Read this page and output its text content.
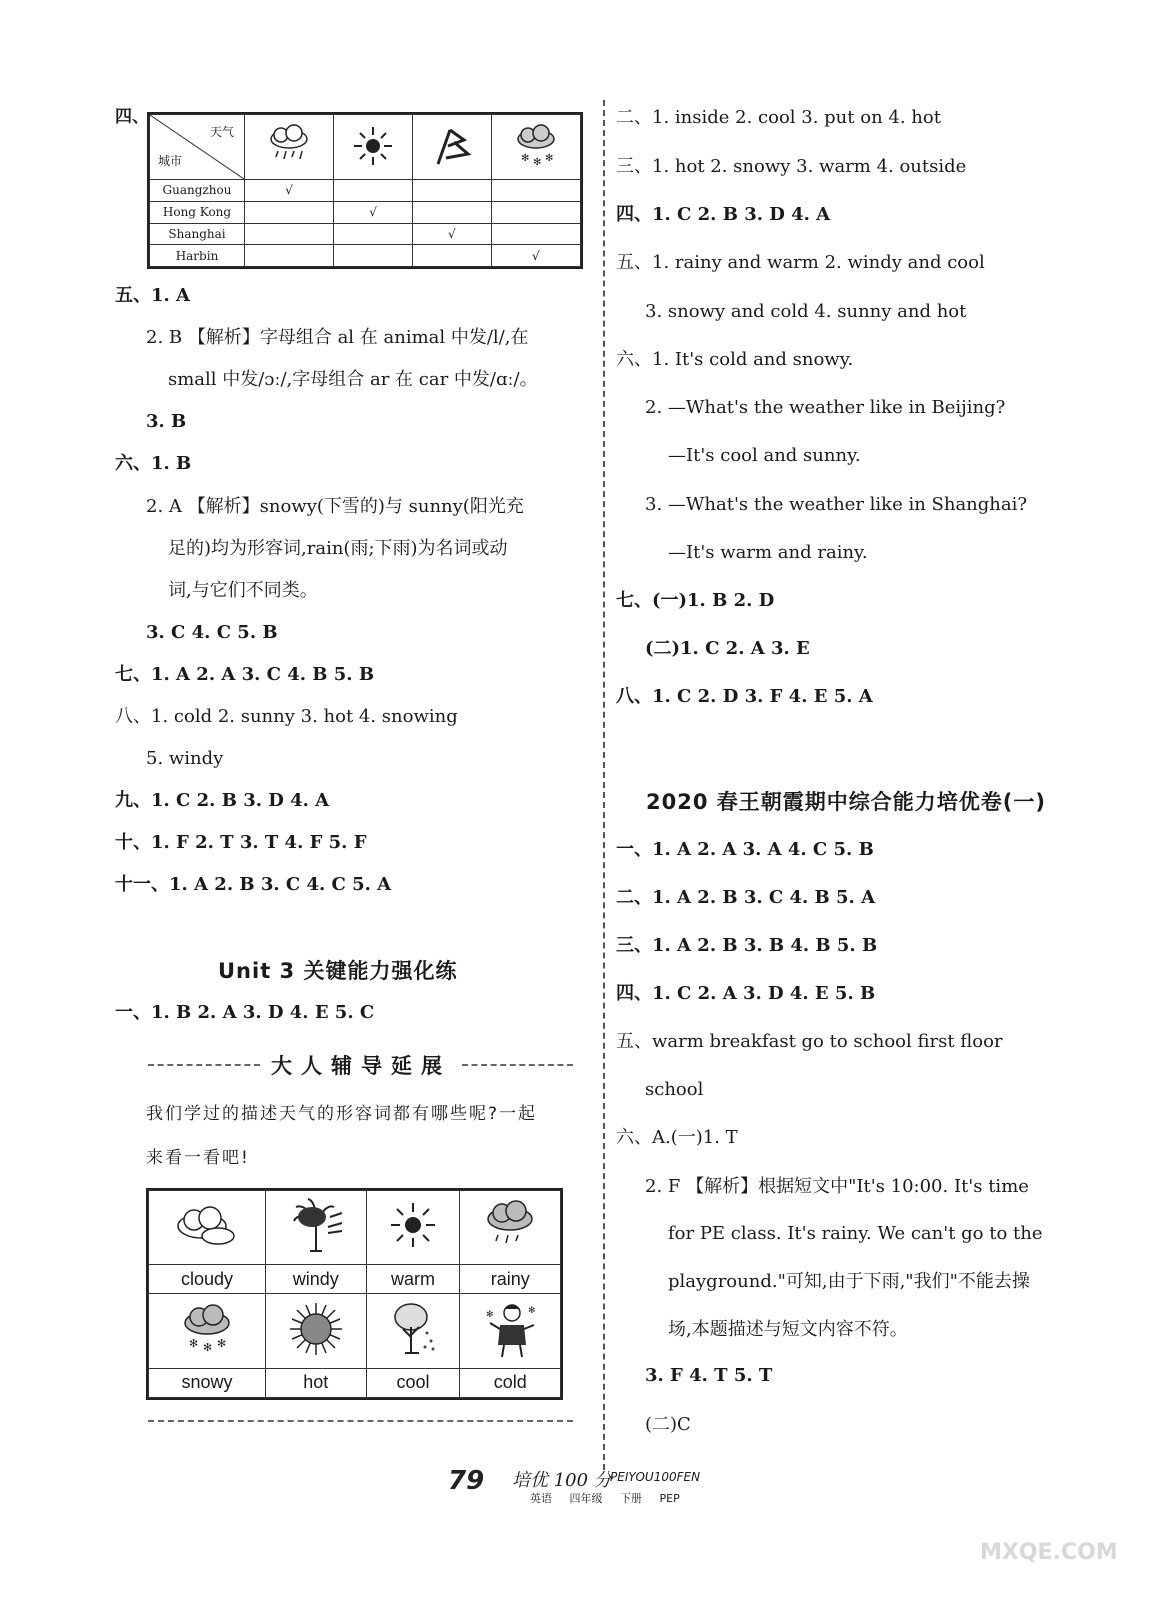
四、
天气
城市				✻ ✻ ✻

Guangzhou	√			
Hong Kong		√		
Shanghai			√	
Harbin				√
五、1. A
2. B 【解析】字母组合 al 在 animal 中发/l/,在
small 中发/ɔː/,字母组合 ar 在 car 中发/ɑː/。
3. B
六、1. B
2. A 【解析】snowy(下雪的)与 sunny(阳光充
足的)均为形容词,rain(雨;下雨)为名词或动
词,与它们不同类。
3. C 4. C 5. B
七、1. A 2. A 3. C 4. B 5. B
八、1. cold 2. sunny 3. hot 4. snowing
5. windy
九、1. C 2. B 3. D 4. A
十、1. F 2. T 3. T 4. F 5. F
十一、1. A 2. B 3. C 4. C 5. A
Unit 3 关键能力强化练
一、1. B 2. A 3. D 4. E 5. C
大人辅导延展
我们学过的描述天气的形容词都有哪些呢?一起
来看一看吧!

cloudy	windy	warm	rainy

✻ ✻ ✻			✻ ✻

snowy	hot	cool	cold
二、1. inside 2. cool 3. put on 4. hot
三、1. hot 2. snowy 3. warm 4. outside
四、1. C 2. B 3. D 4. A
五、1. rainy and warm 2. windy and cool
3. snowy and cold 4. sunny and hot
六、1. It's cold and snowy.
2. —What's the weather like in Beijing?
—It's cool and sunny.
3. —What's the weather like in Shanghai?
—It's warm and rainy.
七、(一)1. B 2. D
(二)1. C 2. A 3. E
八、1. C 2. D 3. F 4. E 5. A
2020 春王朝霞期中综合能力培优卷(一)
一、1. A 2. A 3. A 4. C 5. B
二、1. A 2. B 3. C 4. B 5. A
三、1. A 2. B 3. B 4. B 5. B
四、1. C 2. A 3. D 4. E 5. B
五、warm breakfast go to school first floor
school
六、A.(一)1. T
2. F 【解析】根据短文中"It's 10:00. It's time
for PE class. It's rainy. We can't go to the
playground."可知,由于下雨,"我们"不能去操
场,本题描述与短文内容不符。
3. F 4. T 5. T
(二)C
79 培优 100 分
PEIYOU100FEN
英语 四年级 下册 PEP
MXQE.COM
